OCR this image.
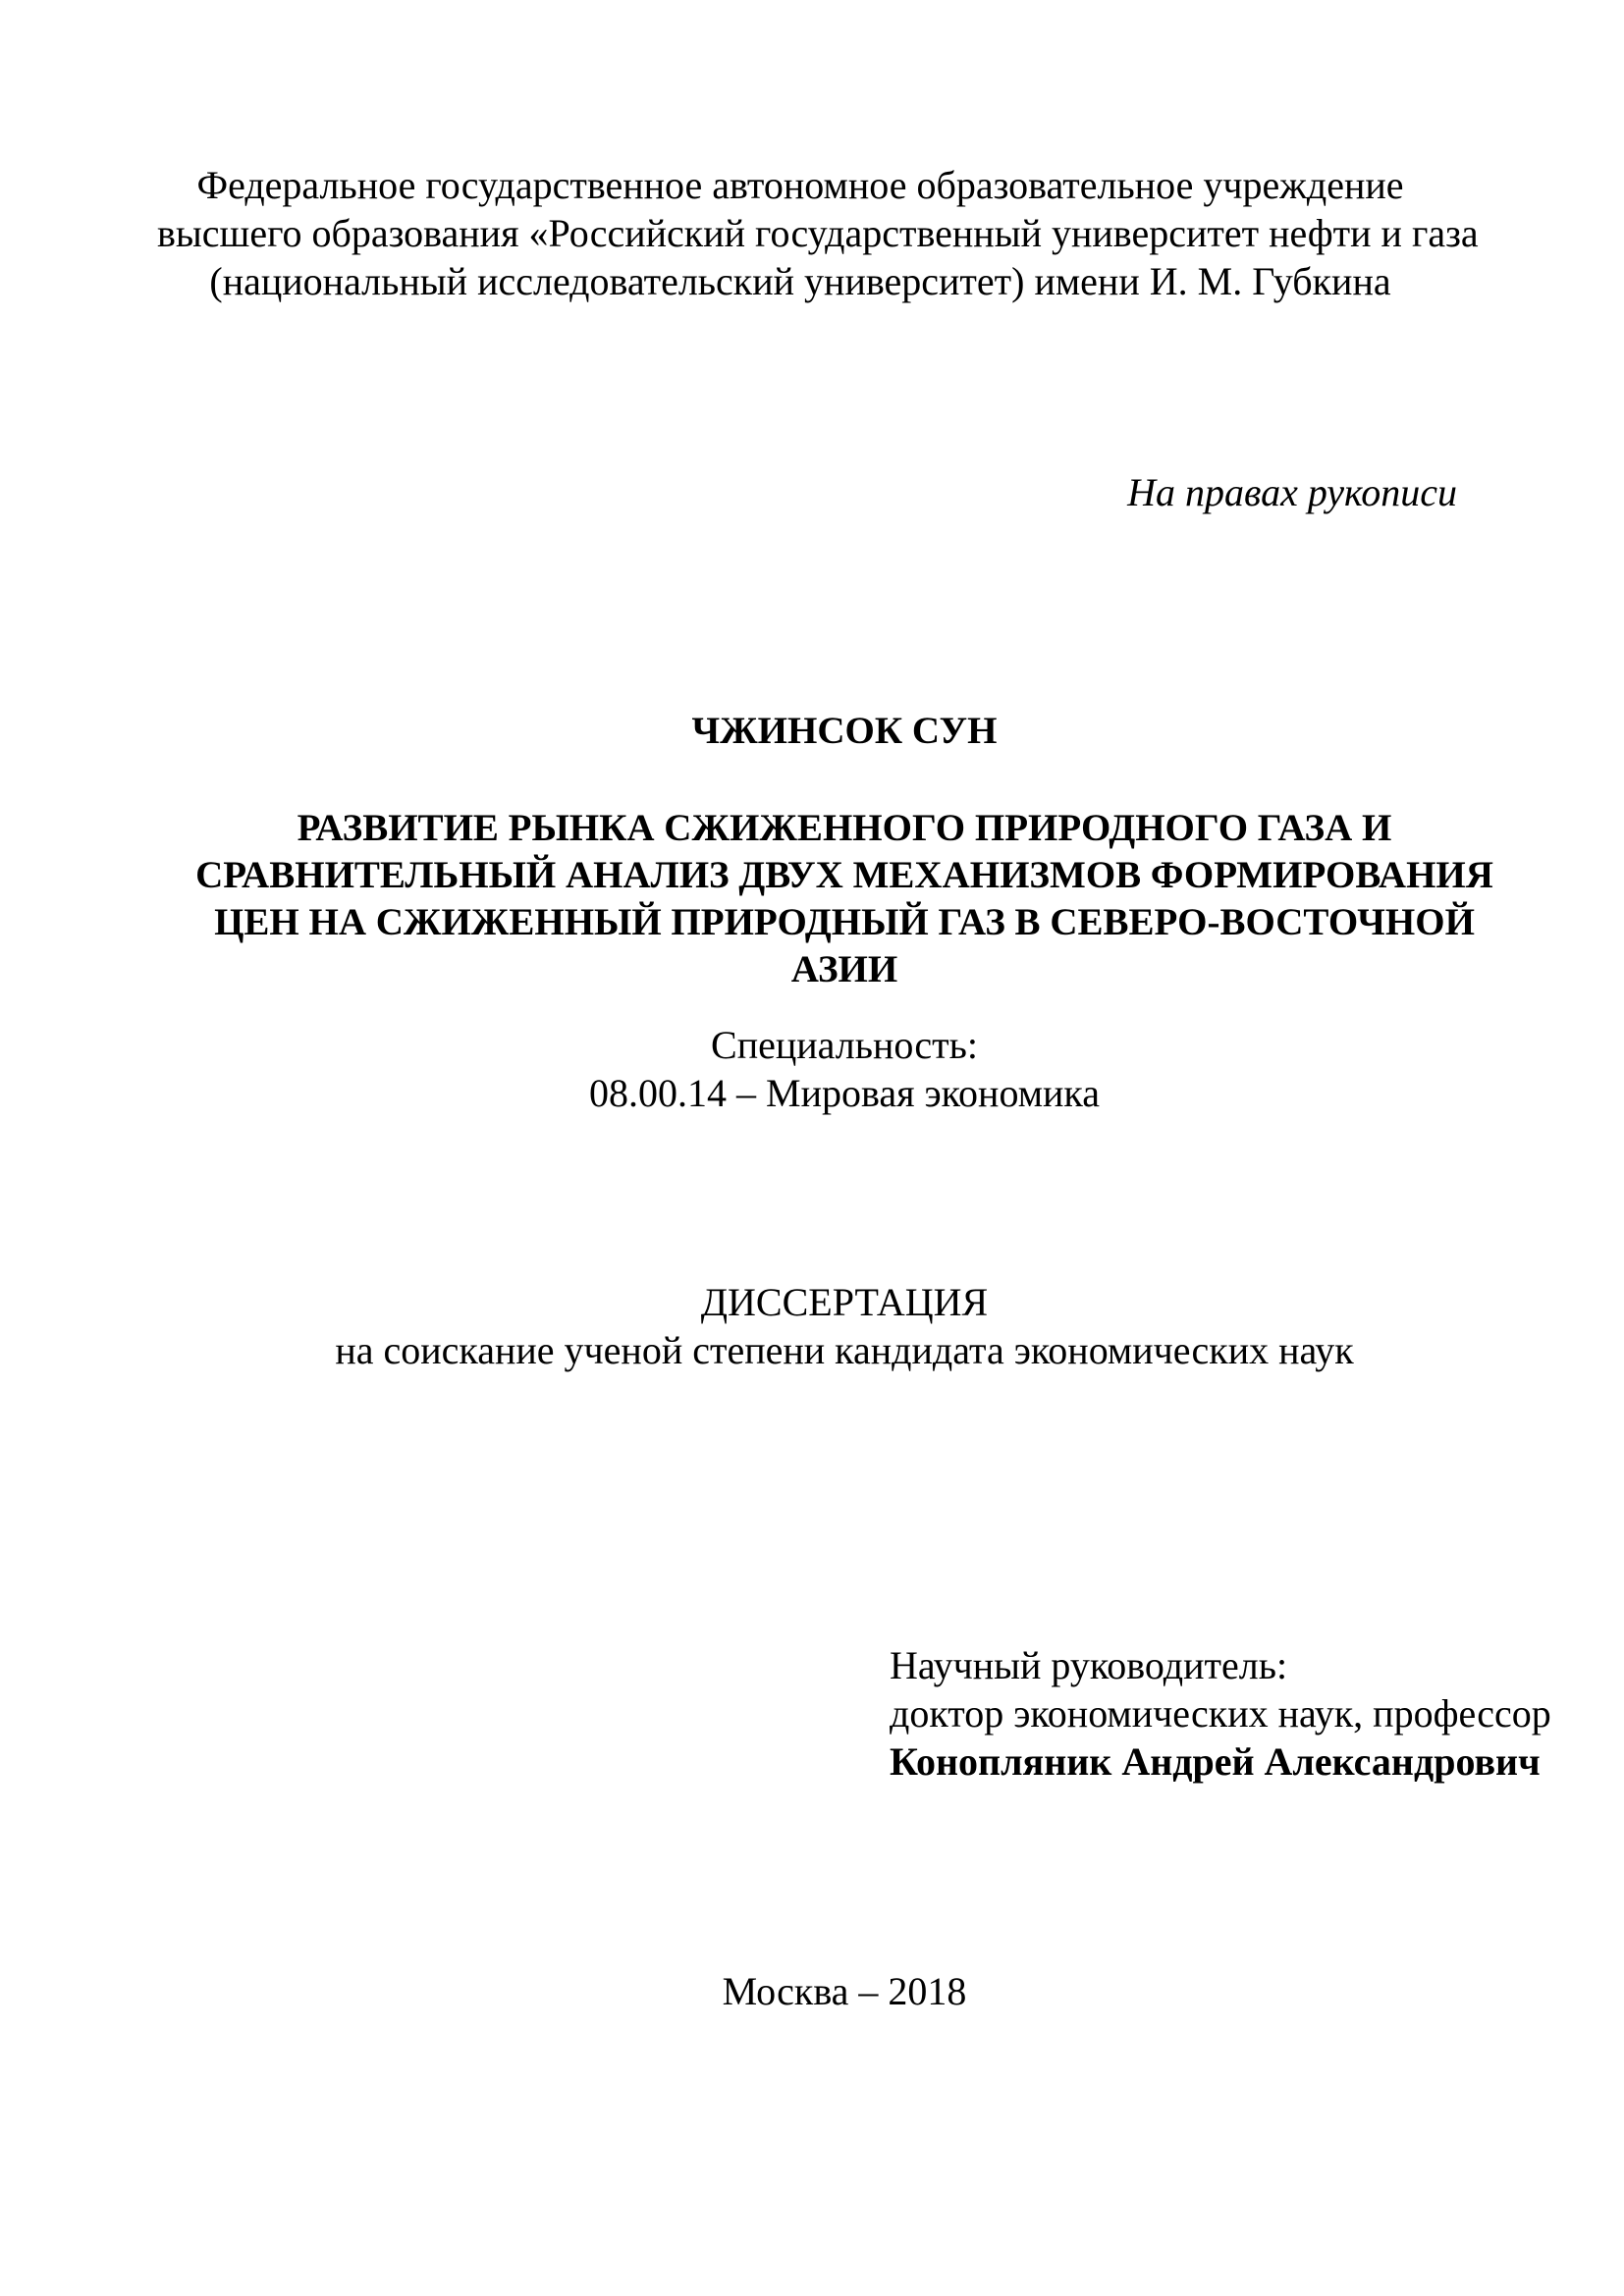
Федеральное государственное автономное образовательное учреждение
высшего образования «Российский государственный университет нефти и газа
(национальный исследовательский университет) имени И. М. Губкина
На правах рукописи
ЧЖИНСОК СУН
РАЗВИТИЕ РЫНКА СЖИЖЕННОГО ПРИРОДНОГО ГАЗА И
СРАВНИТЕЛЬНЫЙ АНАЛИЗ ДВУХ МЕХАНИЗМОВ ФОРМИРОВАНИЯ
ЦЕН НА СЖИЖЕННЫЙ ПРИРОДНЫЙ ГАЗ В СЕВЕРО-ВОСТОЧНОЙ
АЗИИ
Специальность:
08.00.14 – Мировая экономика
ДИССЕРТАЦИЯ
на соискание ученой степени кандидата экономических наук
Научный руководитель:
доктор экономических наук, профессор
Конопляник Андрей Александрович
Москва – 2018
